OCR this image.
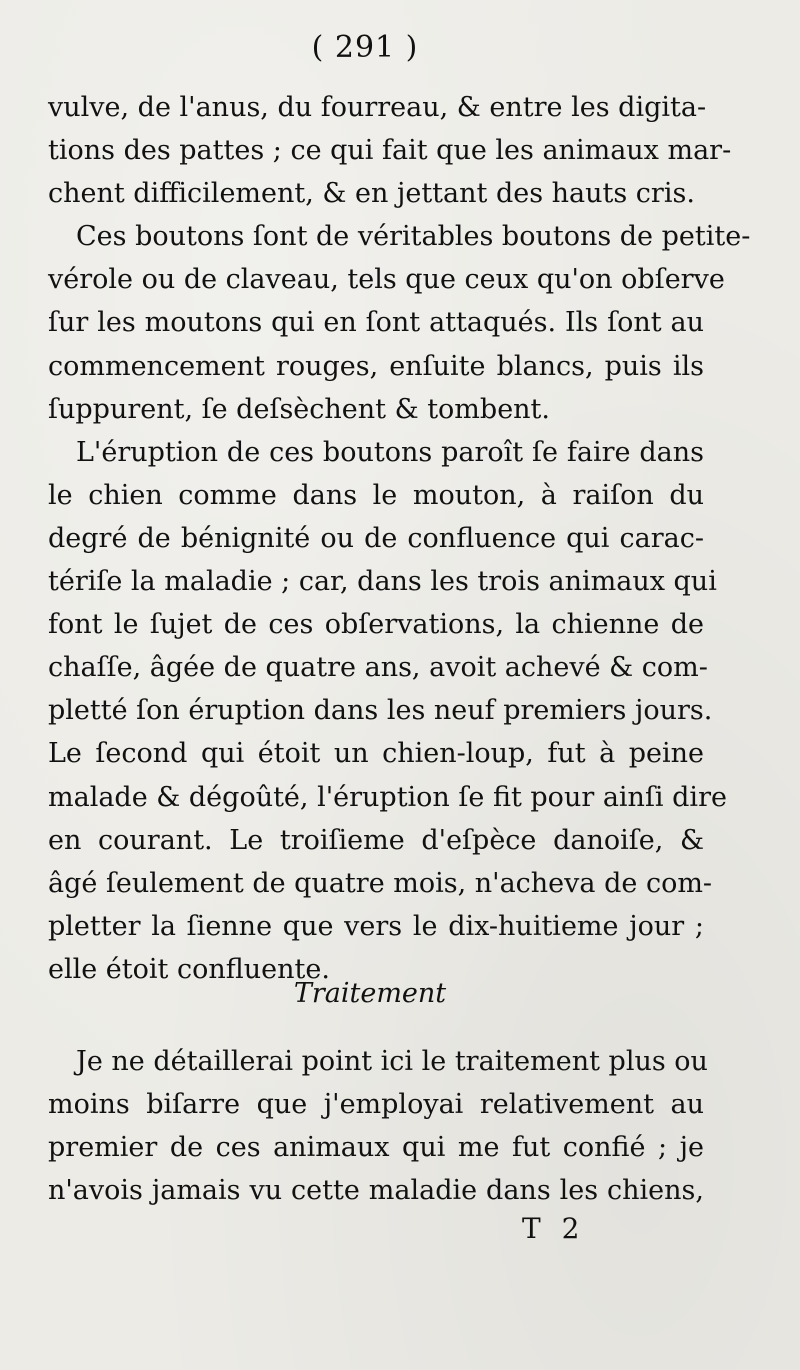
( 291 )
vulve, de l'anus, du fourreau, & entre les digita-
tions des pattes ; ce qui fait que les animaux mar-
chent difficilement, & en jettant des hauts cris.
Ces boutons ſont de véritables boutons de petite-
vérole ou de claveau, tels que ceux qu'on obſerve
ſur les moutons qui en ſont attaqués. Ils ſont au
commencement rouges, enſuite blancs, puis ils
ſuppurent, ſe deſsèchent & tombent.
L'éruption de ces boutons paroît ſe faire dans
le chien comme dans le mouton, à raiſon du
degré de bénignité ou de confluence qui carac-
tériſe la maladie ; car, dans les trois animaux qui
font le ſujet de ces obſervations, la chienne de
chaſſe, âgée de quatre ans, avoit achevé & com-
pletté ſon éruption dans les neuf premiers jours.
Le ſecond qui étoit un chien-loup, fut à peine
malade & dégoûté, l'éruption ſe fit pour ainſi dire
en courant. Le troiſieme d'eſpèce danoiſe, &
âgé ſeulement de quatre mois, n'acheva de com-
pletter la ſienne que vers le dix-huitieme jour ;
elle étoit confluente.
Traitement
Je ne détaillerai point ici le traitement plus ou
moins biſarre que j'employai relativement au
premier de ces animaux qui me fut confié ; je
n'avois jamais vu cette maladie dans les chiens,
T 2
